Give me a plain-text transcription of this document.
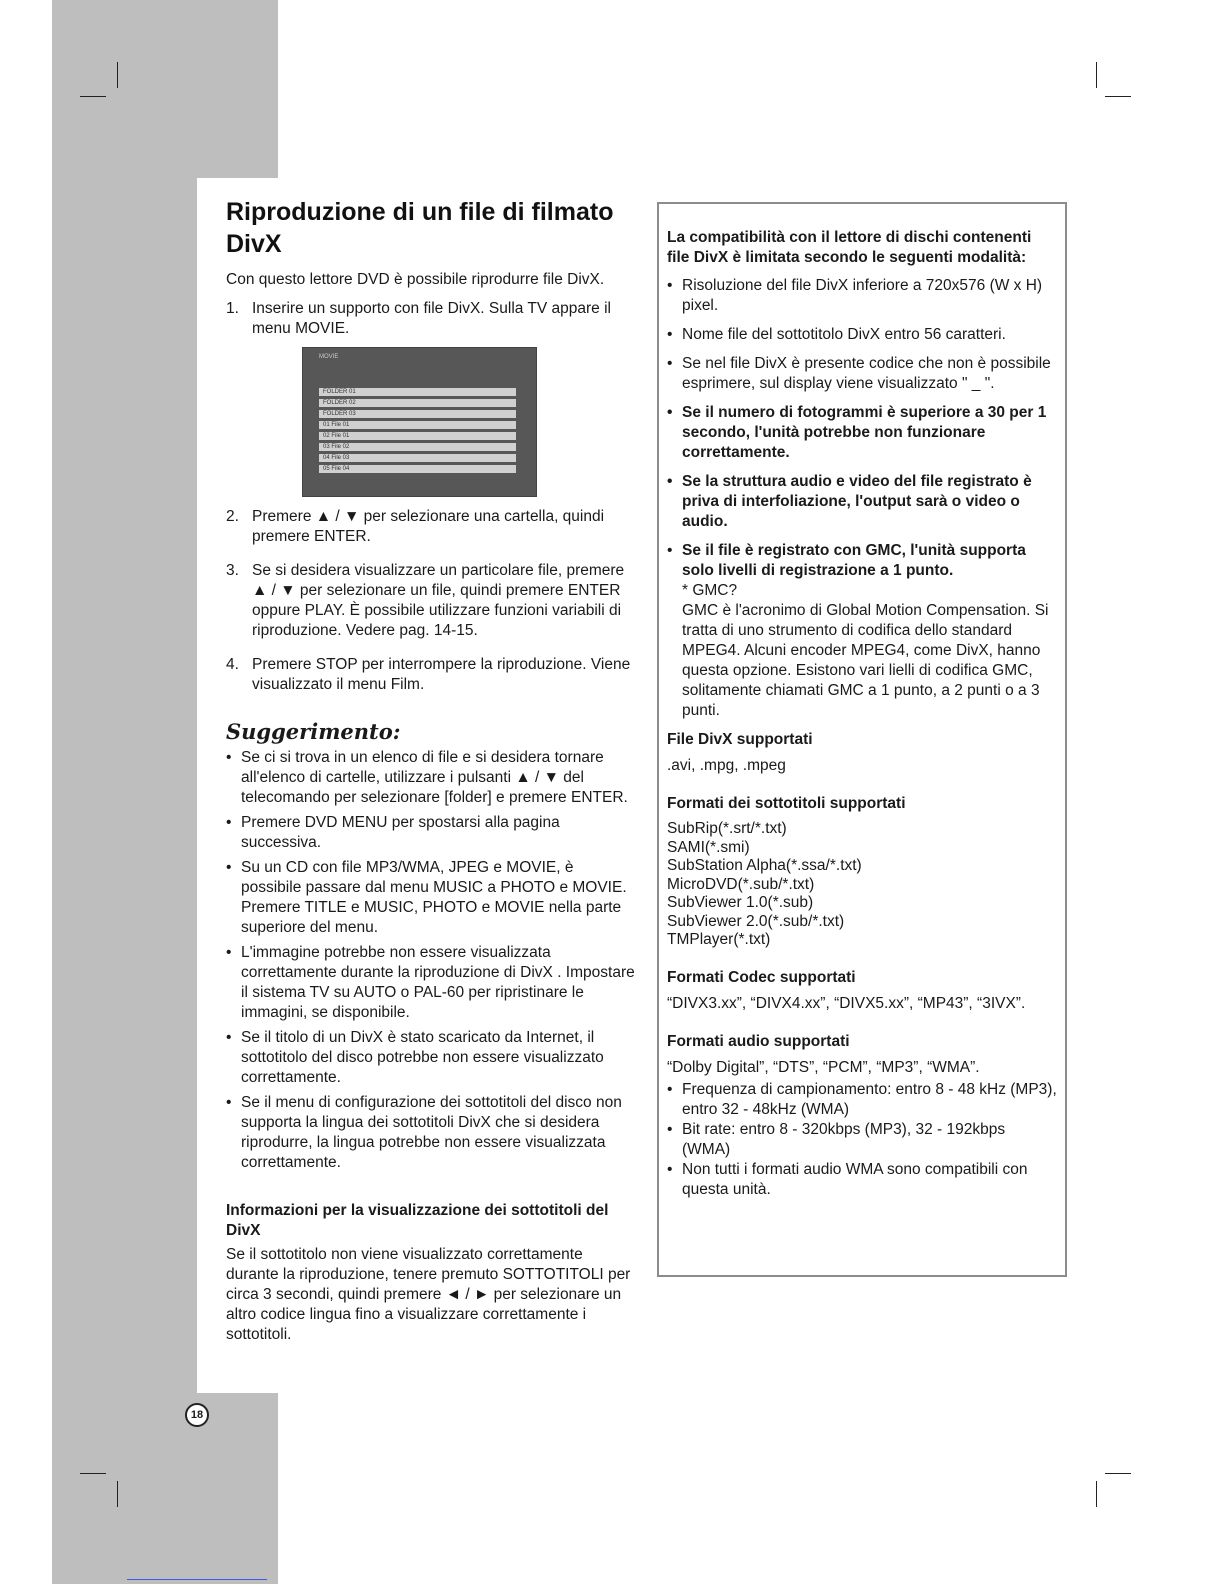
Riproduzione di un file di filmato DivX

Con questo lettore DVD è possibile riprodurre file DivX.

1. Inserire un supporto con file DivX. Sulla TV appare il menu MOVIE.
MOVIE
FOLDER 01
FOLDER 02
FOLDER 03
01 File 01
02 File 01
03 File 02
04 File 03
05 File 04
2. Premere ▲ / ▼ per selezionare una cartella, quindi premere ENTER.
3. Se si desidera visualizzare un particolare file, premere ▲ / ▼ per selezionare un file, quindi premere ENTER oppure PLAY. È possibile utilizzare funzioni variabili di riproduzione. Vedere pag. 14-15.
4. Premere STOP per interrompere la riproduzione. Viene visualizzato il menu Film.
Suggerimento:
• Se ci si trova in un elenco di file e si desidera tornare all'elenco di cartelle, utilizzare i pulsanti ▲ / ▼ del telecomando per selezionare [folder] e premere ENTER.
• Premere DVD MENU per spostarsi alla pagina successiva.
• Su un CD con file MP3/WMA, JPEG e MOVIE, è possibile passare dal menu MUSIC a PHOTO e MOVIE. Premere TITLE e MUSIC, PHOTO e MOVIE nella parte superiore del menu.
• L'immagine potrebbe non essere visualizzata correttamente durante la riproduzione di DivX . Impostare il sistema TV su AUTO o PAL-60 per ripristinare le immagini, se disponibile.
• Se il titolo di un DivX è stato scaricato da Internet, il sottotitolo del disco potrebbe non essere visualizzato correttamente.
• Se il menu di configurazione dei sottotitoli del disco non supporta la lingua dei sottotitoli DivX che si desidera riprodurre, la lingua potrebbe non essere visualizzata correttamente.
Informazioni per la visualizzazione dei sottotitoli del DivX

Se il sottotitolo non viene visualizzato correttamente durante la riproduzione, tenere premuto SOTTOTITOLI per circa 3 secondi, quindi premere ◄ / ► per selezionare un altro codice lingua fino a visualizzare correttamente i sottotitoli.

La compatibilità con il lettore di dischi contenenti file DivX è limitata secondo le seguenti modalità:
• Risoluzione del file DivX inferiore a 720x576 (W x H) pixel.
• Nome file del sottotitolo DivX entro 56 caratteri.
• Se nel file DivX è presente codice che non è possibile esprimere, sul display viene visualizzato " _ ".
• Se il numero di fotogrammi è superiore a 30 per 1 secondo, l'unità potrebbe non funzionare correttamente.
• Se la struttura audio e video del file registrato è priva di interfoliazione, l'output sarà o video o audio.
• Se il file è registrato con GMC, l'unità supporta solo livelli di registrazione a 1 punto.
* GMC?
GMC è l'acronimo di Global Motion Compensation. Si tratta di uno strumento di codifica dello standard MPEG4. Alcuni encoder MPEG4, come DivX, hanno questa opzione. Esistono vari lielli di codifica GMC, solitamente chiamati GMC a 1 punto, a 2 punti o a 3 punti.
File DivX supportati
.avi, .mpg, .mpeg
Formati dei sottotitoli supportati
SubRip(*.srt/*.txt)
SAMI(*.smi)
SubStation Alpha(*.ssa/*.txt)
MicroDVD(*.sub/*.txt)
SubViewer 1.0(*.sub)
SubViewer 2.0(*.sub/*.txt)
TMPlayer(*.txt)
Formati Codec supportati
“DIVX3.xx”, “DIVX4.xx”, “DIVX5.xx”, “MP43”, “3IVX”.
Formati audio supportati
“Dolby Digital”, “DTS”, “PCM”, “MP3”, “WMA”.
• Frequenza di campionamento: entro 8 - 48 kHz (MP3), entro 32 - 48kHz (WMA)
• Bit rate: entro 8 - 320kbps (MP3), 32 - 192kbps (WMA)
• Non tutti i formati audio WMA sono compatibili con questa unità.
18
